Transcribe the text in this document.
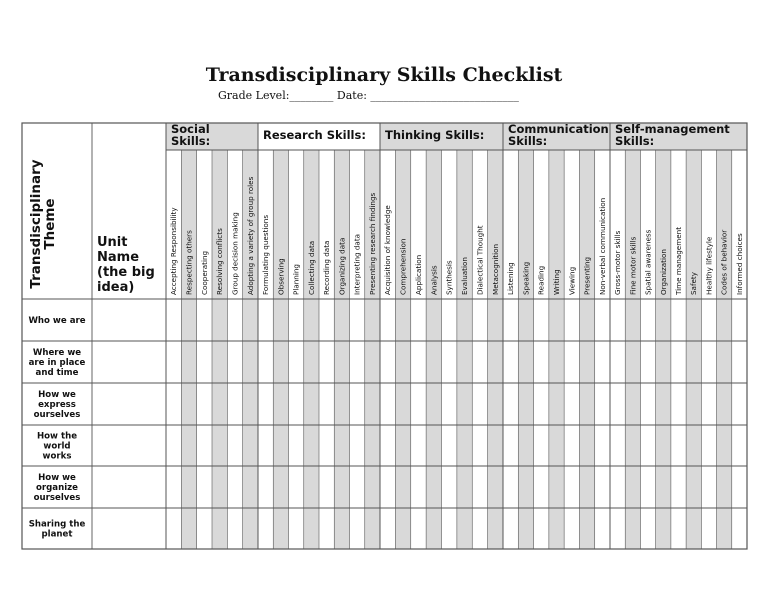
Transdisciplinary Skills Checklist
Grade Level:________ Date: ___________________________
Social
Skills:	Research Skills: Thinking Skills: Communication
Skills:
Self-management
Skills:
Accepting Responsibility Respecting others Cooperating Resolving conflicts Group decision making Adopting a variety of group roles Formulating questions Observing Planning Collecting data Recording data Organizing data Interpreting data Presenting research findings Acquisition of knowledge Comprehension Application Analysis Synthesis Evaluation Dialectical Thought Metacognition Listening Speaking Reading Writing Viewing Presenting Non-verbal communication Gross-motor skills Fine motor skills Spatial awareness Organization Time management Safety Healthy lifestyle Codes of behavior Informed choices
Transdisciplinary
Theme	Unit
Name
(the big
idea)
Who we are
Where we
are in place
and time
How we
express
ourselves
How the
world
works
How we
organize
ourselves
Sharing the
planet
